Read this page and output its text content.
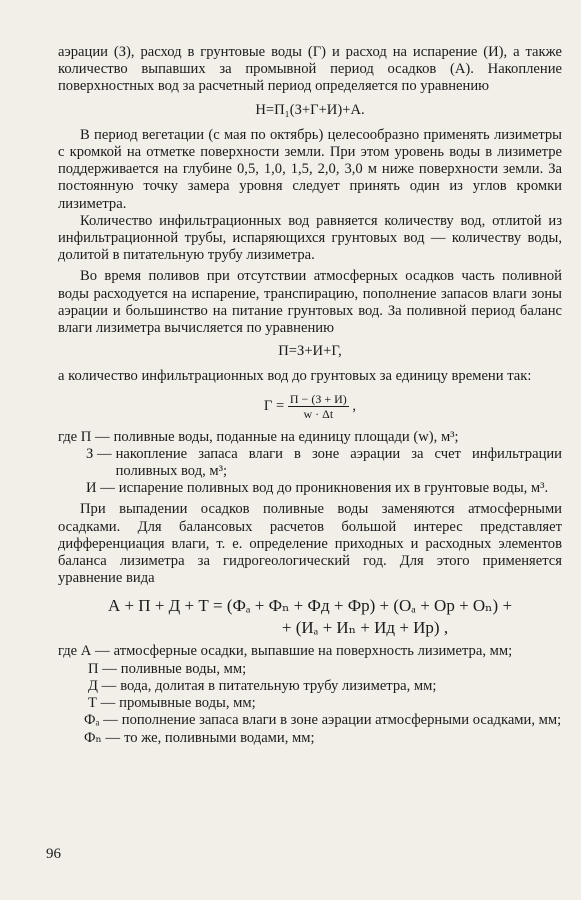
аэрации (З), расход в грунтовые воды (Г) и расход на испарение (И), а также количество выпавших за промывной период осадков (А). Накопление поверхностных вод за расчетный период определяется по уравнению

Н=П₁(З+Г+И)+А.

В период вегетации (с мая по октябрь) целесообразно применять лизиметры с кромкой на отметке поверхности земли. При этом уровень воды в лизиметре поддерживается на глубине 0,5, 1,0, 1,5, 2,0, 3,0 м ниже поверхности земли. За постоянную точку замера уровня следует принять один из углов кромки лизиметра.

Количество инфильтрационных вод равняется количеству вод, отлитой из инфильтрационной трубы, испаряющихся грунтовых вод — количеству воды, долитой в питательную трубу лизиметра.

Во время поливов при отсутствии атмосферных осадков часть поливной воды расходуется на испарение, транспирацию, пополнение запасов влаги зоны аэрации и большинство на питание грунтовых вод. За поливной период баланс влаги лизиметра вычисляется по уравнению

П=З+И+Г,

а количество инфильтрационных вод до грунтовых за единицу времени так:

$Г = \frac{П - (З + И)}{w \cdot \Delta t}$ ,
где П — поливные воды, поданные на единицу площади (w), м³;
З — накопление запаса влаги в зоне аэрации за счет инфильтрации поливных вод, м³;
И — испарение поливных вод до проникновения их в грунтовые воды, м³.

При выпадении осадков поливные воды заменяются атмосферными осадками. Для балансовых расчетов большой интерес представляет дифференциация влаги, т. е. определение приходных и расходных элементов баланса лизиметра за гидрогеологический год. Для этого применяется уравнение вида

А + П + Д + Т = (Фₐ + Фₙ + Фд + Фр) + (Оₐ + Ор + Оₙ) +
+ (Иₐ + Иₙ + Ид + Ир) ,
где А — атмосферные осадки, выпавшие на поверхность лизиметра, мм;
П — поливные воды, мм;
Д — вода, долитая в питательную трубу лизиметра, мм;
Т — промывные воды, мм;
Фₐ — пополнение запаса влаги в зоне аэрации атмосферными осадками, мм;
Фₙ — то же, поливными водами, мм;
96
